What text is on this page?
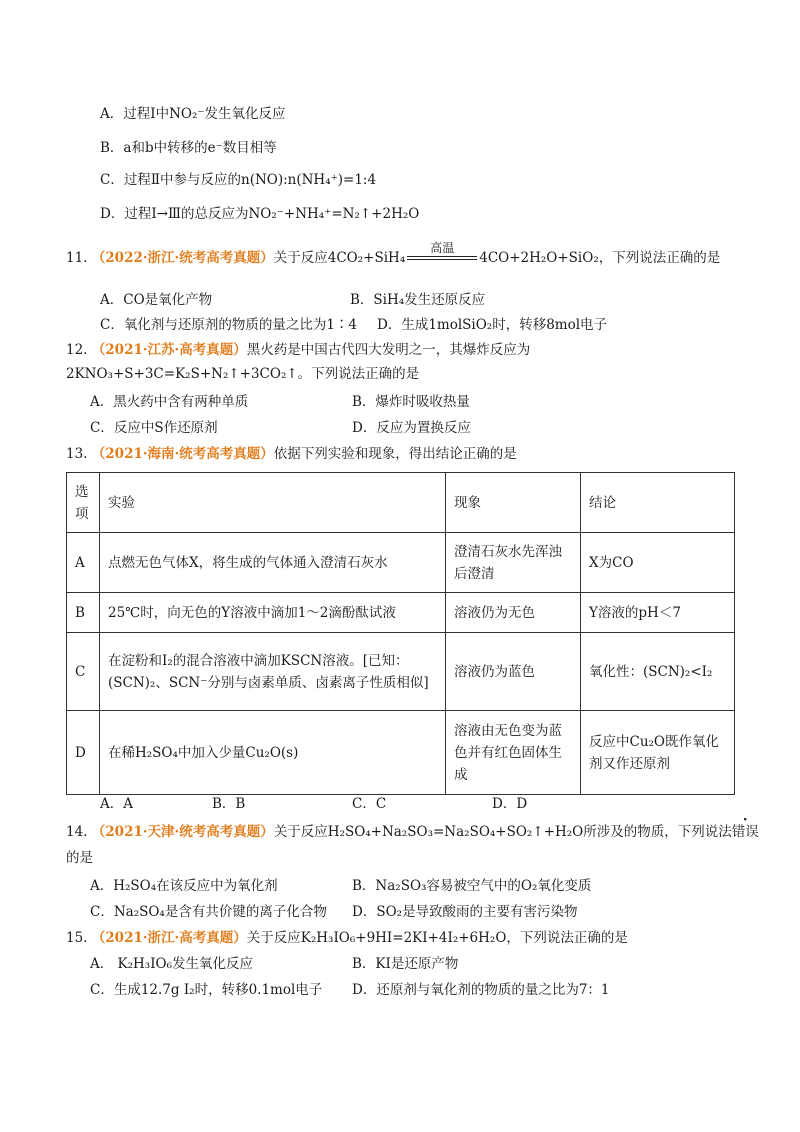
A．过程Ⅰ中NO₂⁻发生氧化反应
B．a和b中转移的e⁻数目相等
C．过程Ⅱ中参与反应的n(NO):n(NH₄⁺)=1:4
D．过程Ⅰ→Ⅲ的总反应为NO₂⁻+NH₄⁺=N₂↑+2H₂O
11. （2022·浙江·统考高考真题）关于反应4CO₂+SiH₄
高温
4CO+2H₂O+SiO₂，下列说法正确的是
A．CO是氧化产物	B．SiH₄发生还原反应
C．氧化剂与还原剂的物质的量之比为1∶4 D．生成1molSiO₂时，转移8mol电子
12. （2021·江苏·高考真题）黑火药是中国古代四大发明之一，其爆炸反应为
2KNO₃+S+3C=K₂S+N₂↑+3CO₂↑。下列说法正确的是
A．黑火药中含有两种单质	B．爆炸时吸收热量
C．反应中S作还原剂	D．反应为置换反应
13. （2021·海南·统考高考真题）依据下列实验和现象，得出结论正确的是
选项	实验	现象	结论
A	点燃无色气体X，将生成的气体通入澄清石灰水	澄清石灰水先浑浊后澄清	X为CO
B	25℃时，向无色的Y溶液中滴加1～2滴酚酞试液	溶液仍为无色	Y溶液的pH＜7
C	在淀粉和I₂的混合溶液中滴加KSCN溶液。[已知：(SCN)₂、SCN⁻分别与卤素单质、卤素离子性质相似]	溶液仍为蓝色	氧化性：(SCN)₂<I₂
D	在稀H₂SO₄中加入少量Cu₂O(s)	溶液由无色变为蓝色并有红色固体生成	反应中Cu₂O既作氧化剂又作还原剂
A．A	B．B	C．C	D．D
14. （2021·天津·统考高考真题）关于反应H₂SO₄+Na₂SO₃=Na₂SO₄+SO₂↑+H₂O所涉及的物质，下列说法错误
的是
A．H₂SO₄在该反应中为氧化剂	B．Na₂SO₃容易被空气中的O₂氧化变质
C．Na₂SO₄是含有共价键的离子化合物 D．SO₂是导致酸雨的主要有害污染物
15. （2021·浙江·高考真题）关于反应K₂H₃IO₆+9HI=2KI+4I₂+6H₂O，下列说法正确的是
A． K₂H₃IO₆发生氧化反应	B．KI是还原产物
C．生成12.7g I₂时，转移0.1mol电子 D．还原剂与氧化剂的物质的量之比为7：1
